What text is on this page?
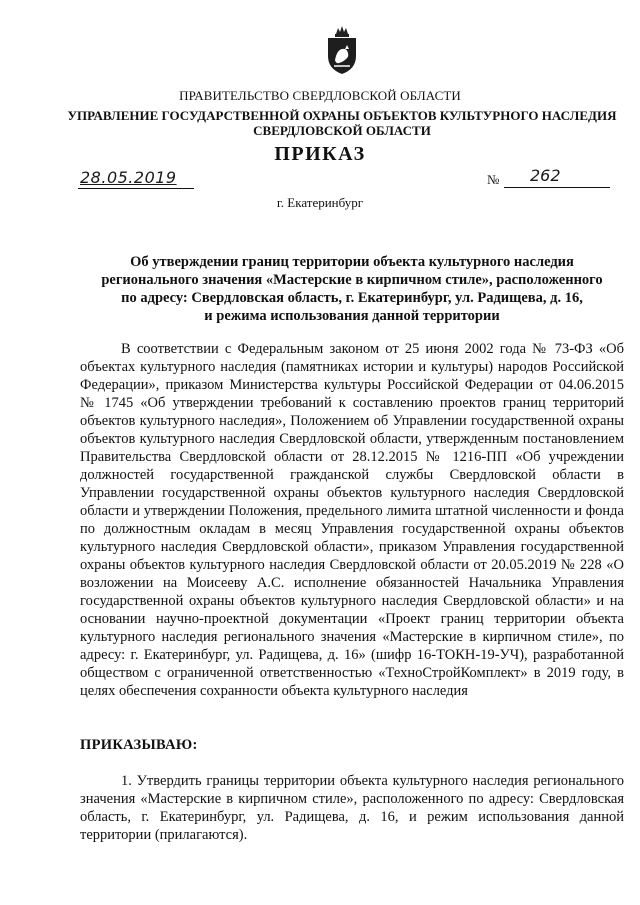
ПРАВИТЕЛЬСТВО СВЕРДЛОВСКОЙ ОБЛАСТИ
УПРАВЛЕНИЕ ГОСУДАРСТВЕННОЙ ОХРАНЫ ОБЪЕКТОВ КУЛЬТУРНОГО НАСЛЕДИЯ
СВЕРДЛОВСКОЙ ОБЛАСТИ
ПРИКАЗ
28.05.2019	№ 262
г. Екатеринбург
Об утверждении границ территории объекта культурного наследия
регионального значения «Мастерские в кирпичном стиле», расположенного
по адресу: Свердловская область, г. Екатеринбург, ул. Радищева, д. 16,
и режима использования данной территории

В соответствии с Федеральным законом от 25 июня 2002 года № 73-ФЗ «Об объектах культурного наследия (памятниках истории и культуры) народов Российской Федерации», приказом Министерства культуры Российской Федерации от 04.06.2015 № 1745 «Об утверждении требований к составлению проектов границ территорий объектов культурного наследия», Положением об Управлении государственной охраны объектов культурного наследия Свердловской области, утвержденным постановлением Правительства Свердловской области от 28.12.2015 № 1216-ПП «Об учреждении должностей государственной гражданской службы Свердловской области в Управлении государственной охраны объектов культурного наследия Свердловской области и утверждении Положения, предельного лимита штатной численности и фонда по должностным окладам в месяц Управления государственной охраны объектов культурного наследия Свердловской области», приказом Управления государственной охраны объектов культурного наследия Свердловской области от 20.05.2019 № 228 «О возложении на Моисееву А.С. исполнение обязанностей Начальника Управления государственной охраны объектов культурного наследия Свердловской области» и на основании научно-проектной документации «Проект границ территории объекта культурного наследия регионального значения «Мастерские в кирпичном стиле», по адресу: г. Екатеринбург, ул. Радищева, д. 16» (шифр 16-ТОКН-19-УЧ), разработанной обществом с ограниченной ответственностью «ТехноСтройКомплект» в 2019 году, в целях обеспечения сохранности объекта культурного наследия

ПРИКАЗЫВАЮ:

1. Утвердить границы территории объекта культурного наследия регионального значения «Мастерские в кирпичном стиле», расположенного по адресу: Свердловская область, г. Екатеринбург, ул. Радищева, д. 16, и режим использования данной территории (прилагаются).
